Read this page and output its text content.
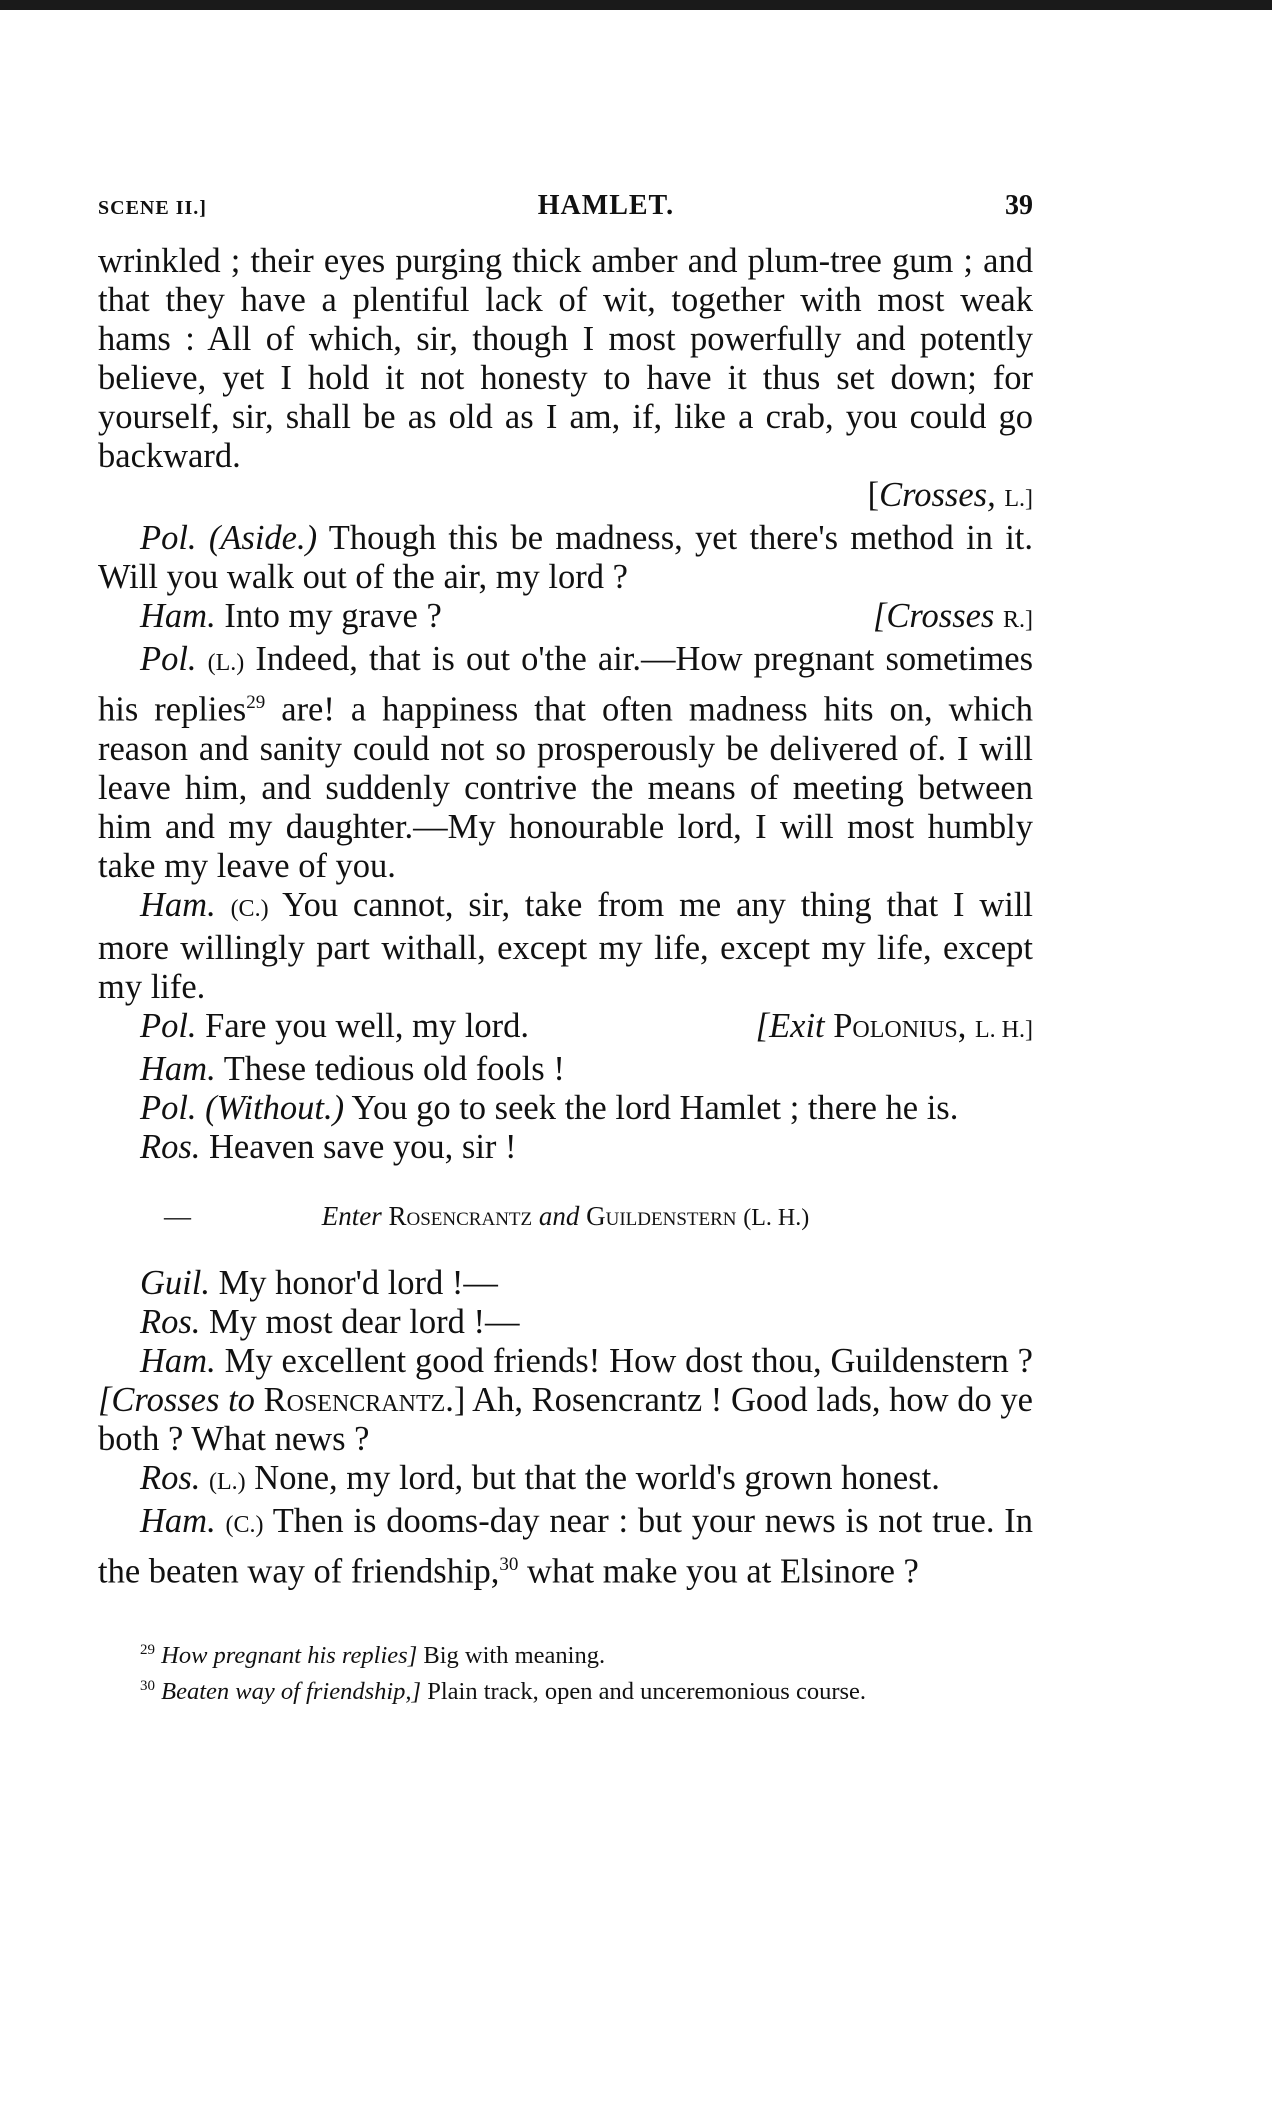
SCENE II.]	HAMLET.	39

wrinkled ; their eyes purging thick amber and plum-tree gum ; and that they have a plentiful lack of wit, together with most weak hams : All of which, sir, though I most powerfully and potently believe, yet I hold it not honesty to have it thus set down; for yourself, sir, shall be as old as I am, if, like a crab, you could go backward.

[Crosses, L.]

Pol. (Aside.) Though this be madness, yet there's method in it. Will you walk out of the air, my lord ?

Ham. Into my grave ?	[Crosses R.]

Pol. (L.) Indeed, that is out o'the air.—How pregnant sometimes his replies$^{29}$ are! a happiness that often madness hits on, which reason and sanity could not so prosperously be delivered of. I will leave him, and suddenly contrive the means of meeting between him and my daughter.—My honourable lord, I will most humbly take my leave of you.

Ham. (C.) You cannot, sir, take from me any thing that I will more willingly part withall, except my life, except my life, except my life.

Pol. Fare you well, my lord.	[Exit Polonius, L. H.]

Ham. These tedious old fools !

Pol. (Without.) You go to seek the lord Hamlet ; there he is.

Ros. Heaven save you, sir !

—	Enter Rosencrantz and Guildenstern (L. H.)

Guil. My honor'd lord !—

Ros. My most dear lord !—

Ham. My excellent good friends! How dost thou, Guildenstern ? [Crosses to Rosencrantz.] Ah, Rosencrantz ! Good lads, how do ye both ? What news ?

Ros. (L.) None, my lord, but that the world's grown honest.

Ham. (C.) Then is dooms-day near : but your news is not true. In the beaten way of friendship,$^{30}$ what make you at Elsinore ?

$^{29}$ How pregnant his replies] Big with meaning.

$^{30}$ Beaten way of friendship,] Plain track, open and unceremonious course.
